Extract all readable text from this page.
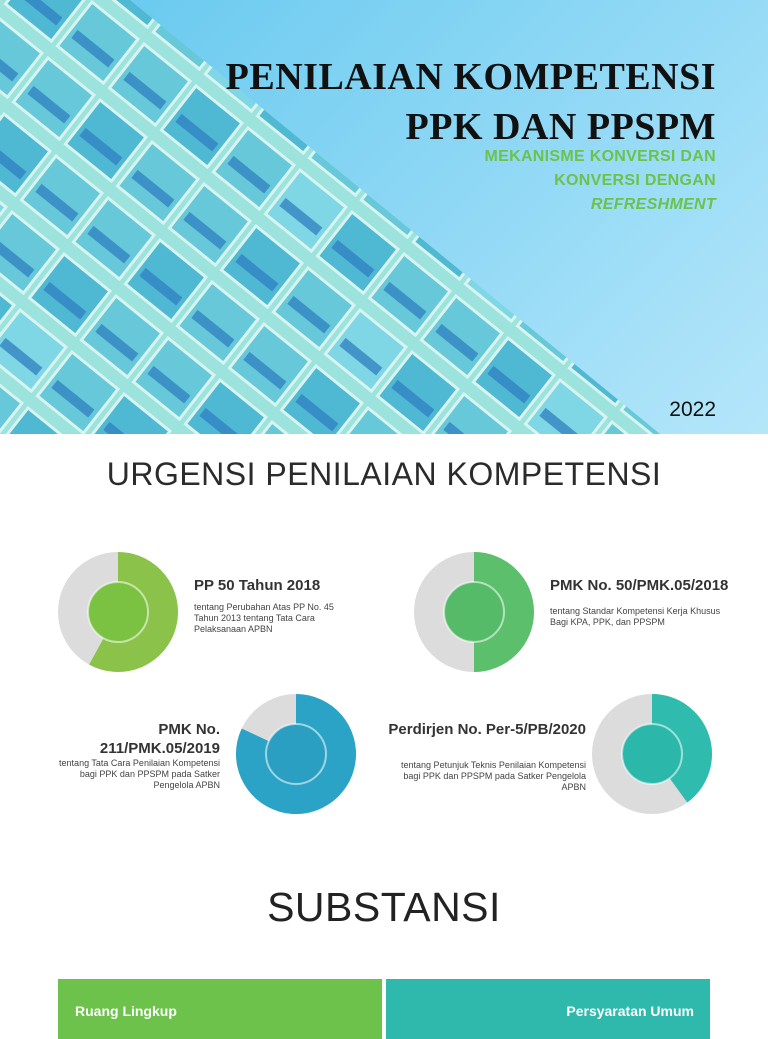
PENILAIAN KOMPETENSI
PPK DAN PPSPM
MEKANISME KONVERSI DAN
KONVERSI DENGAN
REFRESHMENT
2022
URGENSI PENILAIAN KOMPETENSI
PP 50 Tahun 2018
tentang Perubahan Atas PP No. 45
Tahun 2013 tentang Tata Cara
Pelaksanaan APBN
PMK No. 50/PMK.05/2018
tentang Standar Kompetensi Kerja Khusus
Bagi KPA, PPK, dan PPSPM
PMK No.
211/PMK.05/2019
tentang Tata Cara Penilaian Kompetensi
bagi PPK dan PPSPM pada Satker
Pengelola APBN
Perdirjen No. Per-5/PB/2020
tentang Petunjuk Teknis Penilaian Kompetensi
bagi PPK dan PPSPM pada Satker Pengelola
APBN
SUBSTANSI
Ruang Lingkup	Persyaratan Umum
